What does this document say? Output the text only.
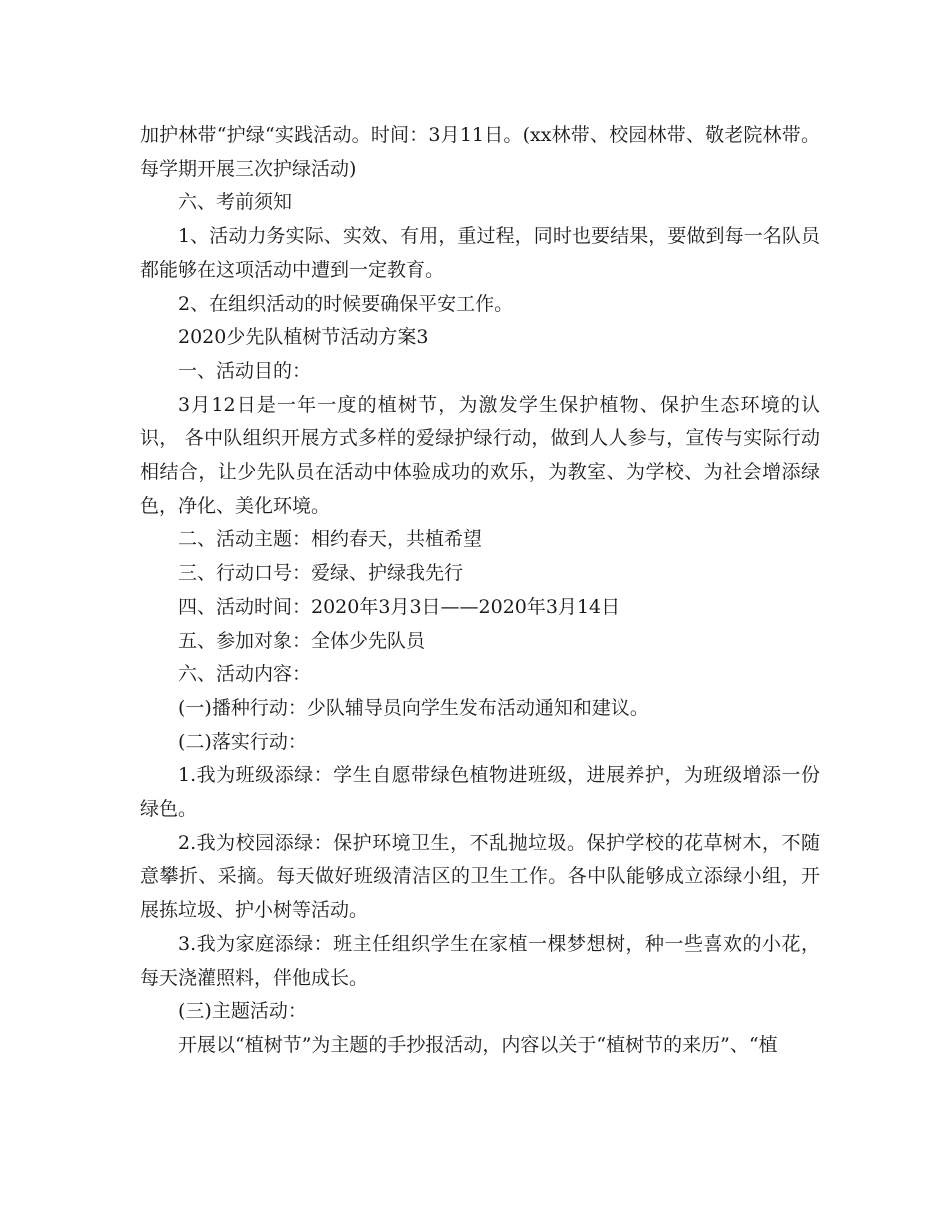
加护林带“护绿“实践活动。时间：3月11日。(xx林带、校园林带、敬老院林带。每学期开展三次护绿活动)

六、考前须知

1、活动力务实际、实效、有用，重过程，同时也要结果，要做到每一名队员都能够在这项活动中遭到一定教育。

2、在组织活动的时候要确保平安工作。

2020少先队植树节活动方案3

一、活动目的：

3月12日是一年一度的植树节，为激发学生保护植物、保护生态环境的认识， 各中队组织开展方式多样的爱绿护绿行动，做到人人参与，宣传与实际行动相结合，让少先队员在活动中体验成功的欢乐，为教室、为学校、为社会增添绿色，净化、美化环境。

二、活动主题：相约春天，共植希望

三、行动口号：爱绿、护绿我先行

四、活动时间：2020年3月3日——2020年3月14日

五、参加对象：全体少先队员

六、活动内容：

(一)播种行动：少队辅导员向学生发布活动通知和建议。

(二)落实行动：

1.我为班级添绿：学生自愿带绿色植物进班级，进展养护，为班级增添一份绿色。

2.我为校园添绿：保护环境卫生，不乱抛垃圾。保护学校的花草树木，不随意攀折、采摘。每天做好班级清洁区的卫生工作。各中队能够成立添绿小组，开展拣垃圾、护小树等活动。

3.我为家庭添绿：班主任组织学生在家植一棵梦想树，种一些喜欢的小花，每天浇灌照料，伴他成长。

(三)主题活动：

开展以“植树节”为主题的手抄报活动，内容以关于“植树节的来历”、“植
